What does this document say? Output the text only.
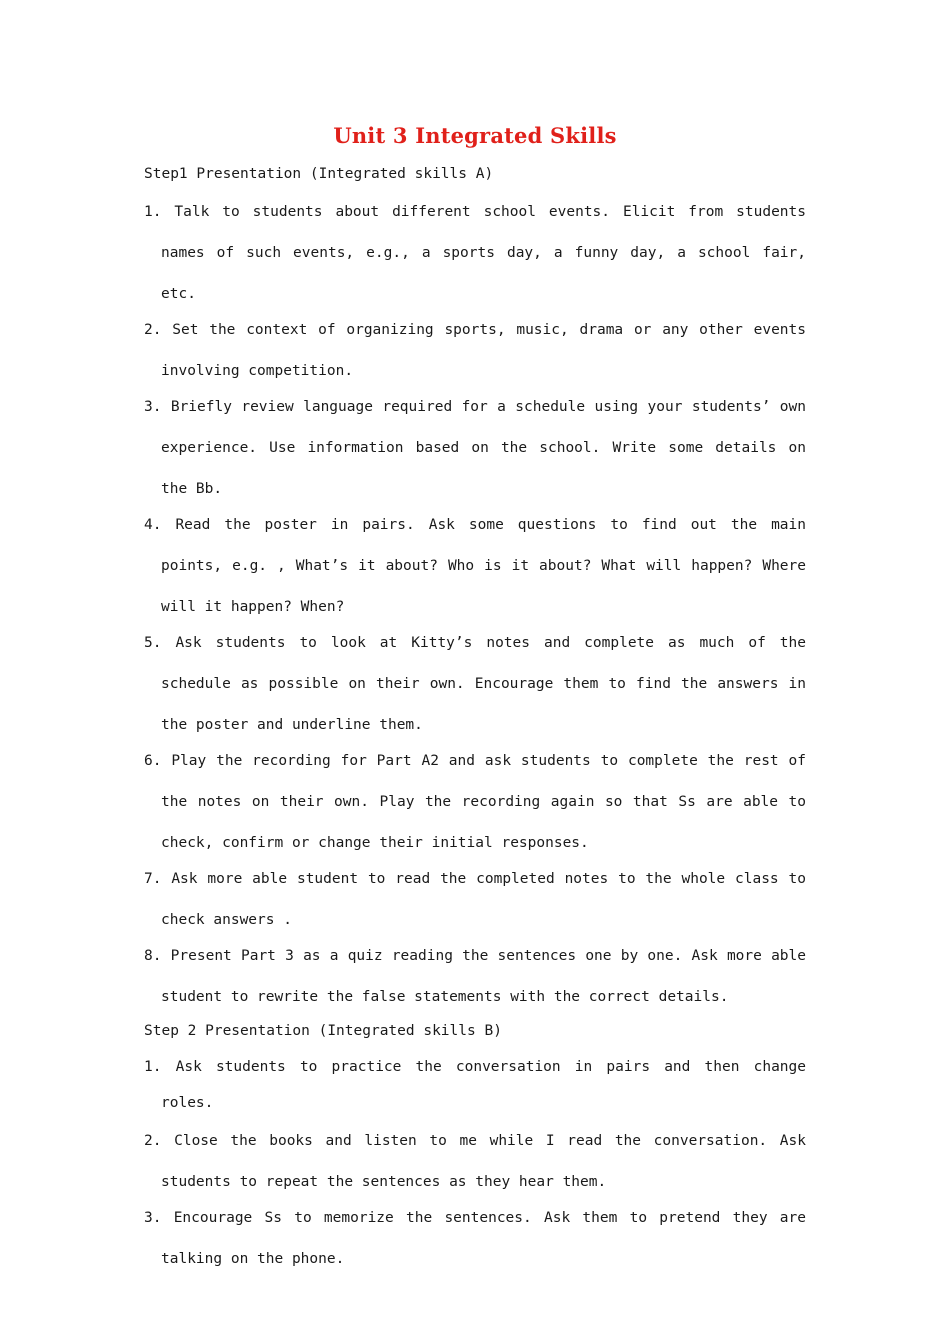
Unit 3 Integrated Skills

Step1 Presentation (Integrated skills A)

1. Talk to students about different school events. Elicit from students names of such events, e.g., a sports day, a funny day, a school fair, etc.

2. Set the context of organizing sports, music, drama or any other events involving competition.

3. Briefly review language required for a schedule using your students’ own experience. Use information based on the school. Write some details on the Bb.

4. Read the poster in pairs. Ask some questions to find out the main points, e.g. , What’s it about? Who is it about? What will happen? Where will it happen? When?

5. Ask students to look at Kitty’s notes and complete as much of the schedule as possible on their own. Encourage them to find the answers in the poster and underline them.

6. Play the recording for Part A2 and ask students to complete the rest of the notes on their own. Play the recording again so that Ss are able to check, confirm or change their initial responses.

7. Ask more able student to read the completed notes to the whole class to check answers .

8. Present Part 3 as a quiz reading the sentences one by one. Ask more able student to rewrite the false statements with the correct details.

Step 2 Presentation (Integrated skills B)

1. Ask students to practice the conversation in pairs and then change roles.

2. Close the books and listen to me while I read the conversation. Ask students to repeat the sentences as they hear them.

3. Encourage Ss to memorize the sentences. Ask them to pretend they are talking on the phone.
